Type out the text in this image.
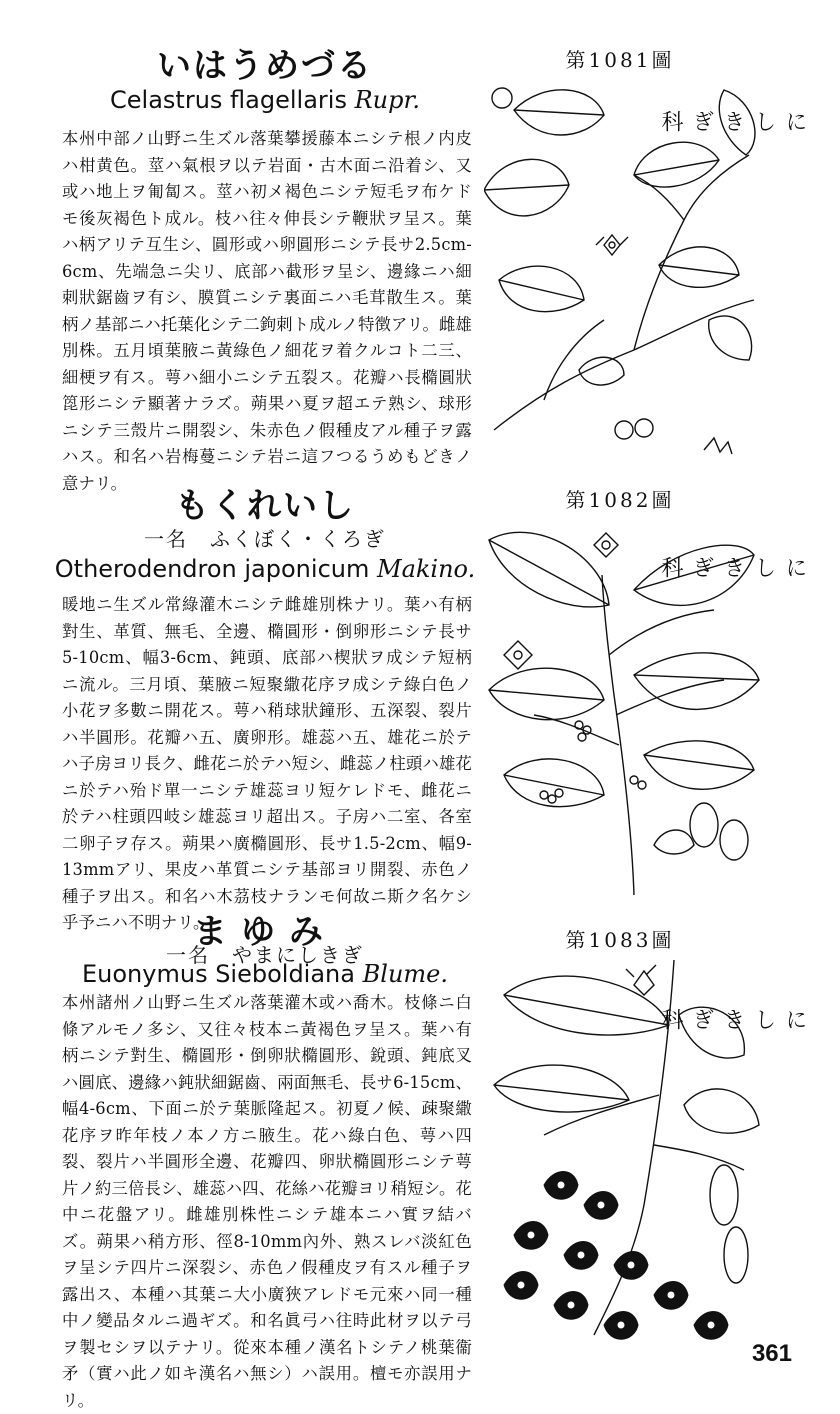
いはうめづる
Celastrus flagellaris Rupr.
本州中部ノ山野ニ生ズル落葉攀援藤本ニシテ根ノ内皮ハ柑黄色。莖ハ氣根ヲ以テ岩面・古木面ニ沿着シ、又或ハ地上ヲ匍匐ス。莖ハ初メ褐色ニシテ短毛ヲ布ケドモ後灰褐色ト成ル。枝ハ往々伸長シテ鞭狀ヲ呈ス。葉ハ柄アリテ互生シ、圓形或ハ卵圓形ニシテ長サ2.5cm-6cm、先端急ニ尖リ、底部ハ截形ヲ呈シ、邊緣ニハ細刺狀鋸齒ヲ有シ、膜質ニシテ裏面ニハ毛茸散生ス。葉柄ノ基部ニハ托葉化シテ二鉤刺ト成ルノ特徴アリ。雌雄別株。五月頃葉腋ニ黃綠色ノ細花ヲ着クルコト二三、細梗ヲ有ス。萼ハ細小ニシテ五裂ス。花瓣ハ長橢圓狀箆形ニシテ顯著ナラズ。蒴果ハ夏ヲ超エテ熟シ、球形ニシテ三殼片ニ開裂シ、朱赤色ノ假種皮アル種子ヲ露ハス。和名ハ岩梅蔓ニシテ岩ニ這フつるうめもどきノ意ナリ。
第1081圖
にしきぎ科
もくれいし
一名　ふくぼく・くろぎ
Otherodendron japonicum Makino.
暖地ニ生ズル常綠灌木ニシテ雌雄別株ナリ。葉ハ有柄對生、革質、無毛、全邊、橢圓形・倒卵形ニシテ長サ5-10cm、幅3-6cm、鈍頭、底部ハ楔狀ヲ成シテ短柄ニ流ル。三月頃、葉腋ニ短聚繖花序ヲ成シテ綠白色ノ小花ヲ多數ニ開花ス。萼ハ稍球狀鐘形、五深裂、裂片ハ半圓形。花瓣ハ五、廣卵形。雄蕊ハ五、雄花ニ於テハ子房ヨリ長ク、雌花ニ於テハ短シ、雌蕊ノ柱頭ハ雄花ニ於テハ殆ド單一ニシテ雄蕊ヨリ短ケレドモ、雌花ニ於テハ柱頭四岐シ雄蕊ヨリ超出ス。子房ハ二室、各室二卵子ヲ存ス。蒴果ハ廣橢圓形、長サ1.5-2cm、幅9-13mmアリ、果皮ハ革質ニシテ基部ヨリ開裂、赤色ノ種子ヲ出ス。和名ハ木茘枝ナランモ何故ニ斯ク名ケシ乎予ニハ不明ナリ。
第1082圖
にしきぎ科
まゆみ
一名　やまにしきぎ
Euonymus Sieboldiana Blume.
本州諸州ノ山野ニ生ズル落葉灌木或ハ喬木。枝條ニ白條アルモノ多シ、又往々枝本ニ黃褐色ヲ呈ス。葉ハ有柄ニシテ對生、橢圓形・倒卵狀橢圓形、銳頭、鈍底叉ハ圓底、邊緣ハ鈍狀細鋸齒、兩面無毛、長サ6-15cm、幅4-6cm、下面ニ於テ葉脈隆起ス。初夏ノ候、疎聚繖花序ヲ昨年枝ノ本ノ方ニ腋生。花ハ綠白色、萼ハ四裂、裂片ハ半圓形全邊、花瓣四、卵狀橢圓形ニシテ萼片ノ約三倍長シ、雄蕊ハ四、花絲ハ花瓣ヨリ稍短シ。花中ニ花盤アリ。雌雄別株性ニシテ雄本ニハ實ヲ結バズ。蒴果ハ稍方形、徑8-10mm內外、熟スレバ淡紅色ヲ呈シテ四片ニ深裂シ、赤色ノ假種皮ヲ有スル種子ヲ露出ス、本種ハ其葉ニ大小廣狹アレドモ元來ハ同一種中ノ變品タルニ過ギズ。和名眞弓ハ往時此材ヲ以テ弓ヲ製セシヲ以テナリ。從來本種ノ漢名トシテノ桃葉衞矛（實ハ此ノ如キ漢名ハ無シ）ハ誤用。檀モ亦誤用ナリ。
第1083圖
にしきぎ科
361
